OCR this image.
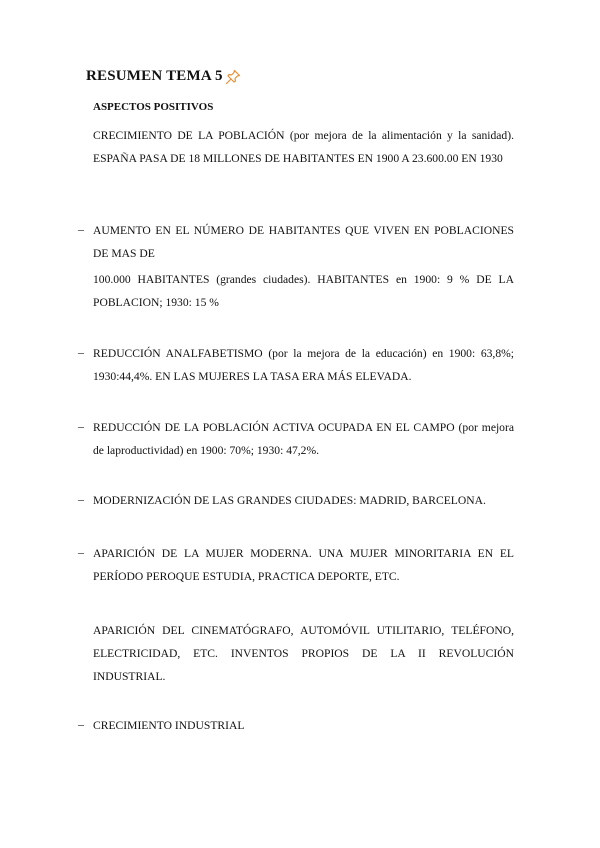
RESUMEN TEMA 5
ASPECTOS POSITIVOS
CRECIMIENTO DE LA POBLACIÓN (por mejora de la alimentación y la sanidad). ESPAÑA PASA DE 18 MILLONES DE HABITANTES EN 1900 A 23.600.00 EN 1930
– AUMENTO EN EL NÚMERO DE HABITANTES QUE VIVEN EN POBLACIONES DE MAS DE
100.000 HABITANTES (grandes ciudades). HABITANTES en 1900: 9 % DE LA POBLACION; 1930: 15 %
– REDUCCIÓN ANALFABETISMO (por la mejora de la educación) en 1900: 63,8%; 1930:44,4%. EN LAS MUJERES LA TASA ERA MÁS ELEVADA.
– REDUCCIÓN DE LA POBLACIÓN ACTIVA OCUPADA EN EL CAMPO (por mejora de laproductividad) en 1900: 70%; 1930: 47,2%.
– MODERNIZACIÓN DE LAS GRANDES CIUDADES: MADRID, BARCELONA.
– APARICIÓN DE LA MUJER MODERNA. UNA MUJER MINORITARIA EN EL PERÍODO PEROQUE ESTUDIA, PRACTICA DEPORTE, ETC.
APARICIÓN DEL CINEMATÓGRAFO, AUTOMÓVIL UTILITARIO, TELÉFONO, ELECTRICIDAD, ETC. INVENTOS PROPIOS DE LA II REVOLUCIÓN INDUSTRIAL.
– CRECIMIENTO INDUSTRIAL
